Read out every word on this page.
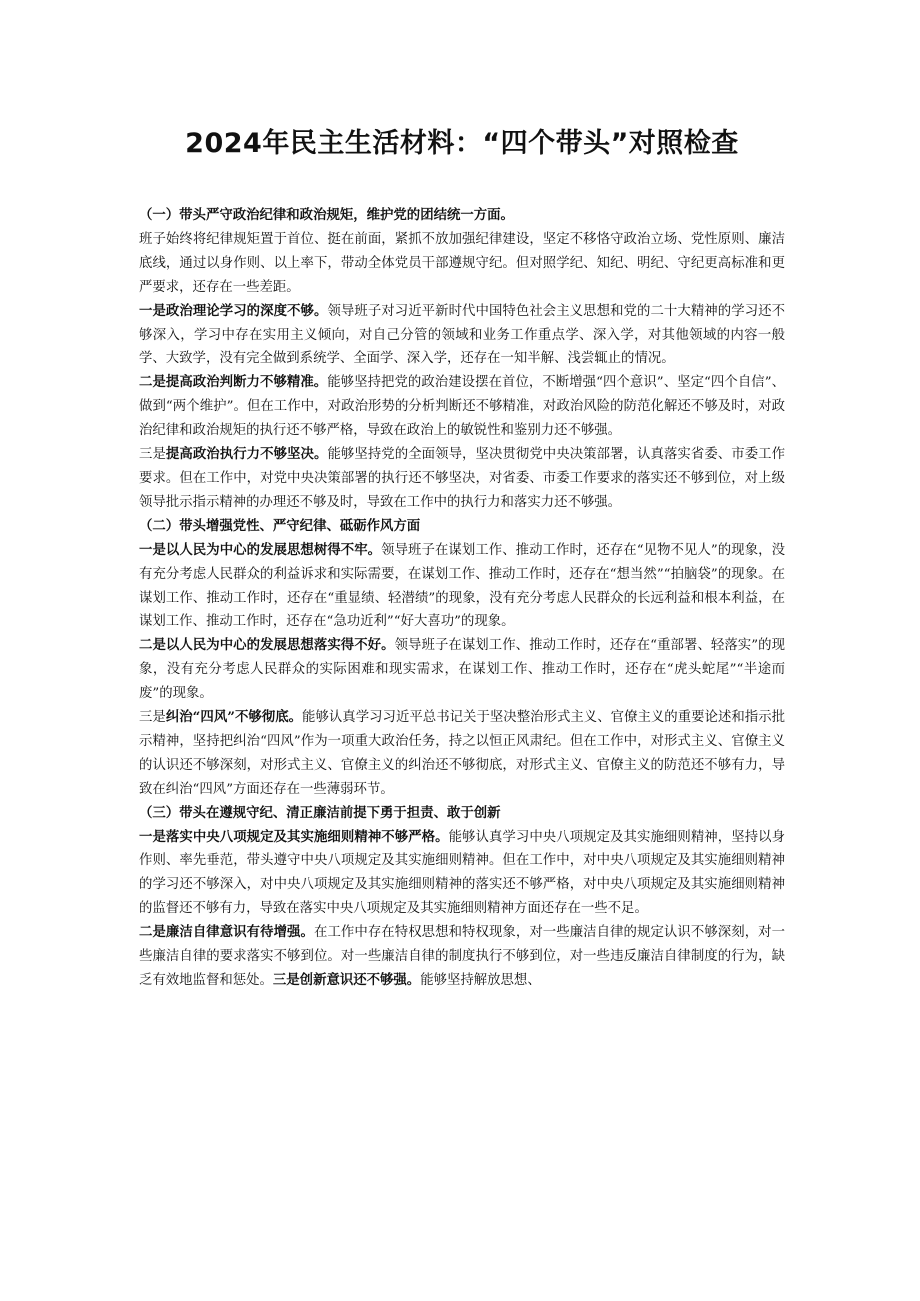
2024年民主生活材料：“四个带头”对照检查

（一）带头严守政治纪律和政治规矩，维护党的团结统一方面。

班子始终将纪律规矩置于首位、挺在前面，紧抓不放加强纪律建设，坚定不移恪守政治立场、党性原则、廉洁底线，通过以身作则、以上率下，带动全体党员干部遵规守纪。但对照学纪、知纪、明纪、守纪更高标准和更严要求，还存在一些差距。

一是政治理论学习的深度不够。领导班子对习近平新时代中国特色社会主义思想和党的二十大精神的学习还不够深入，学习中存在实用主义倾向，对自己分管的领域和业务工作重点学、深入学，对其他领域的内容一般学、大致学，没有完全做到系统学、全面学、深入学，还存在一知半解、浅尝辄止的情况。

二是提高政治判断力不够精准。能够坚持把党的政治建设摆在首位，不断增强“四个意识”、坚定“四个自信”、做到“两个维护”。但在工作中，对政治形势的分析判断还不够精准，对政治风险的防范化解还不够及时，对政治纪律和政治规矩的执行还不够严格，导致在政治上的敏锐性和鉴别力还不够强。

三是提高政治执行力不够坚决。能够坚持党的全面领导，坚决贯彻党中央决策部署，认真落实省委、市委工作要求。但在工作中，对党中央决策部署的执行还不够坚决，对省委、市委工作要求的落实还不够到位，对上级领导批示指示精神的办理还不够及时，导致在工作中的执行力和落实力还不够强。

（二）带头增强党性、严守纪律、砥砺作风方面

一是以人民为中心的发展思想树得不牢。领导班子在谋划工作、推动工作时，还存在“见物不见人”的现象，没有充分考虑人民群众的利益诉求和实际需要，在谋划工作、推动工作时，还存在“想当然”“拍脑袋”的现象。在谋划工作、推动工作时，还存在“重显绩、轻潜绩”的现象，没有充分考虑人民群众的长远利益和根本利益，在谋划工作、推动工作时，还存在“急功近利”“好大喜功”的现象。

二是以人民为中心的发展思想落实得不好。领导班子在谋划工作、推动工作时，还存在“重部署、轻落实”的现象，没有充分考虑人民群众的实际困难和现实需求，在谋划工作、推动工作时，还存在“虎头蛇尾”“半途而废”的现象。

三是纠治“四风”不够彻底。能够认真学习习近平总书记关于坚决整治形式主义、官僚主义的重要论述和指示批示精神，坚持把纠治“四风”作为一项重大政治任务，持之以恒正风肃纪。但在工作中，对形式主义、官僚主义的认识还不够深刻，对形式主义、官僚主义的纠治还不够彻底，对形式主义、官僚主义的防范还不够有力，导致在纠治“四风”方面还存在一些薄弱环节。

（三）带头在遵规守纪、清正廉洁前提下勇于担责、敢于创新

一是落实中央八项规定及其实施细则精神不够严格。能够认真学习中央八项规定及其实施细则精神，坚持以身作则、率先垂范，带头遵守中央八项规定及其实施细则精神。但在工作中，对中央八项规定及其实施细则精神的学习还不够深入，对中央八项规定及其实施细则精神的落实还不够严格，对中央八项规定及其实施细则精神的监督还不够有力，导致在落实中央八项规定及其实施细则精神方面还存在一些不足。

二是廉洁自律意识有待增强。在工作中存在特权思想和特权现象，对一些廉洁自律的规定认识不够深刻，对一些廉洁自律的要求落实不够到位。对一些廉洁自律的制度执行不够到位，对一些违反廉洁自律制度的行为，缺乏有效地监督和惩处。三是创新意识还不够强。能够坚持解放思想、
